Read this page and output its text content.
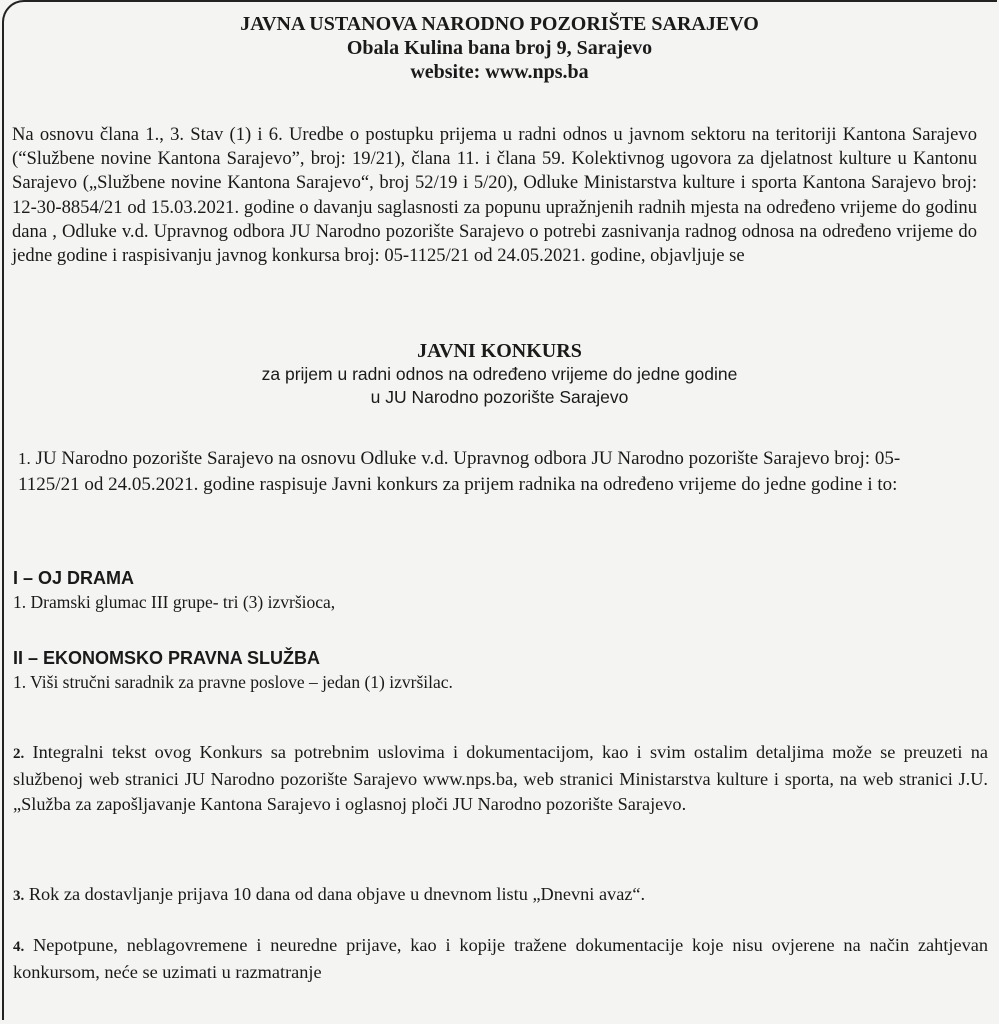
JAVNA USTANOVA NARODNO POZORIŠTE SARAJEVO
Obala Kulina bana broj 9, Sarajevo
website: www.nps.ba
Na osnovu člana 1., 3. Stav (1) i 6. Uredbe o postupku prijema u radni odnos u javnom sektoru na teritoriji Kantona Sarajevo (“Službene novine Kantona Sarajevo”, broj: 19/21), člana 11. i člana 59. Kolektivnog ugovora za djelatnost kulture u Kantonu Sarajevo („Službene novine Kantona Sarajevo“, broj 52/19 i 5/20), Odluke Ministarstva kulture i sporta Kantona Sarajevo broj: 12-30-8854/21 od 15.03.2021. godine o davanju saglasnosti za popunu upražnjenih radnih mjesta na određeno vrijeme do godinu dana , Odluke v.d. Upravnog odbora JU Narodno pozorište Sarajevo o potrebi zasnivanja radnog odnosa na određeno vrijeme do jedne godine i raspisivanju javnog konkursa broj: 05-1125/21 od 24.05.2021. godine, objavljuje se
JAVNI KONKURS
za prijem u radni odnos na određeno vrijeme do jedne godine
u JU Narodno pozorište Sarajevo
1. JU Narodno pozorište Sarajevo na osnovu Odluke v.d. Upravnog odbora JU Narodno pozorište Sarajevo broj: 05-1125/21 od 24.05.2021. godine raspisuje Javni konkurs za prijem radnika na određeno vrijeme do jedne godine i to:
I – OJ DRAMA
1. Dramski glumac III grupe- tri (3) izvršioca,
II – EKONOMSKO PRAVNA SLUŽBA
1. Viši stručni saradnik za pravne poslove – jedan (1) izvršilac.
2. Integralni tekst ovog Konkurs sa potrebnim uslovima i dokumentacijom, kao i svim ostalim detaljima može se preuzeti na službenoj web stranici JU Narodno pozorište Sarajevo www.nps.ba, web stranici Ministarstva kulture i sporta, na web stranici J.U. „Služba za zapošljavanje Kantona Sarajevo i oglasnoj ploči JU Narodno pozorište Sarajevo.
3. Rok za dostavljanje prijava 10 dana od dana objave u dnevnom listu „Dnevni avaz“.
4. Nepotpune, neblagovremene i neuredne prijave, kao i kopije tražene dokumentacije koje nisu ovjerene na način zahtjevan konkursom, neće se uzimati u razmatranje
